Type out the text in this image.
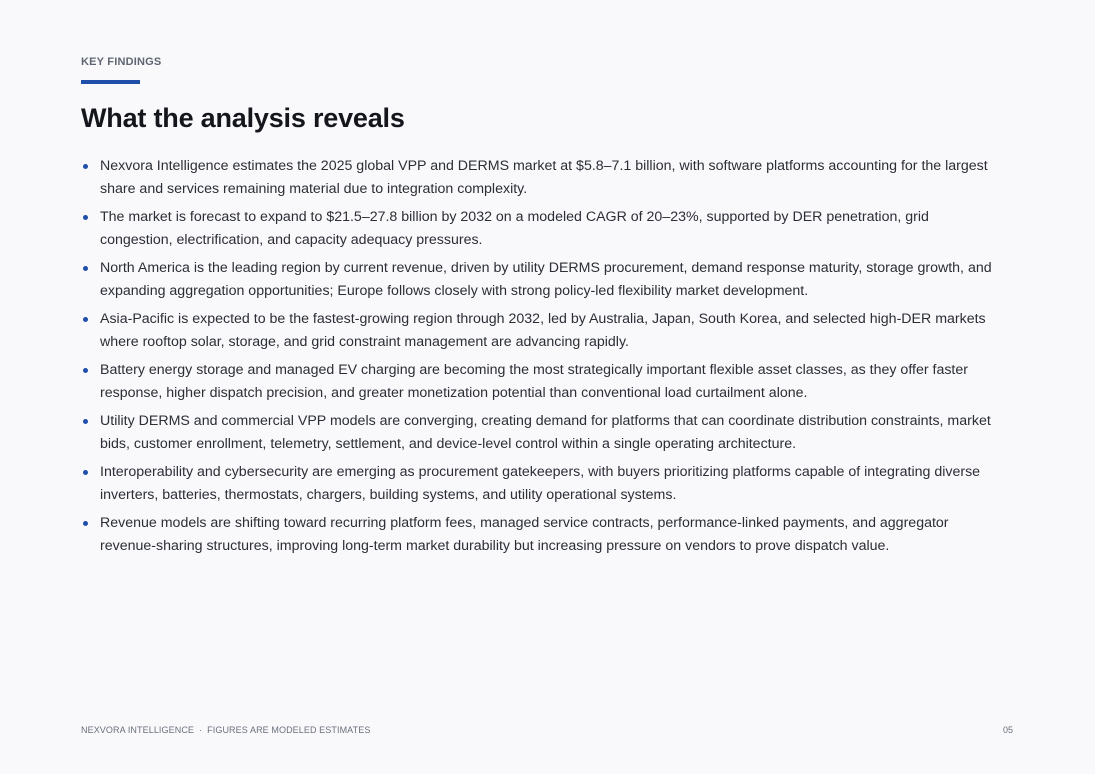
KEY FINDINGS
What the analysis reveals
Nexvora Intelligence estimates the 2025 global VPP and DERMS market at $5.8–7.1 billion, with software platforms accounting for the largest share and services remaining material due to integration complexity.
The market is forecast to expand to $21.5–27.8 billion by 2032 on a modeled CAGR of 20–23%, supported by DER penetration, grid congestion, electrification, and capacity adequacy pressures.
North America is the leading region by current revenue, driven by utility DERMS procurement, demand response maturity, storage growth, and expanding aggregation opportunities; Europe follows closely with strong policy-led flexibility market development.
Asia-Pacific is expected to be the fastest-growing region through 2032, led by Australia, Japan, South Korea, and selected high-DER markets where rooftop solar, storage, and grid constraint management are advancing rapidly.
Battery energy storage and managed EV charging are becoming the most strategically important flexible asset classes, as they offer faster response, higher dispatch precision, and greater monetization potential than conventional load curtailment alone.
Utility DERMS and commercial VPP models are converging, creating demand for platforms that can coordinate distribution constraints, market bids, customer enrollment, telemetry, settlement, and device-level control within a single operating architecture.
Interoperability and cybersecurity are emerging as procurement gatekeepers, with buyers prioritizing platforms capable of integrating diverse inverters, batteries, thermostats, chargers, building systems, and utility operational systems.
Revenue models are shifting toward recurring platform fees, managed service contracts, performance-linked payments, and aggregator revenue-sharing structures, improving long-term market durability but increasing pressure on vendors to prove dispatch value.
NEXVORA INTELLIGENCE · FIGURES ARE MODELED ESTIMATES	05
